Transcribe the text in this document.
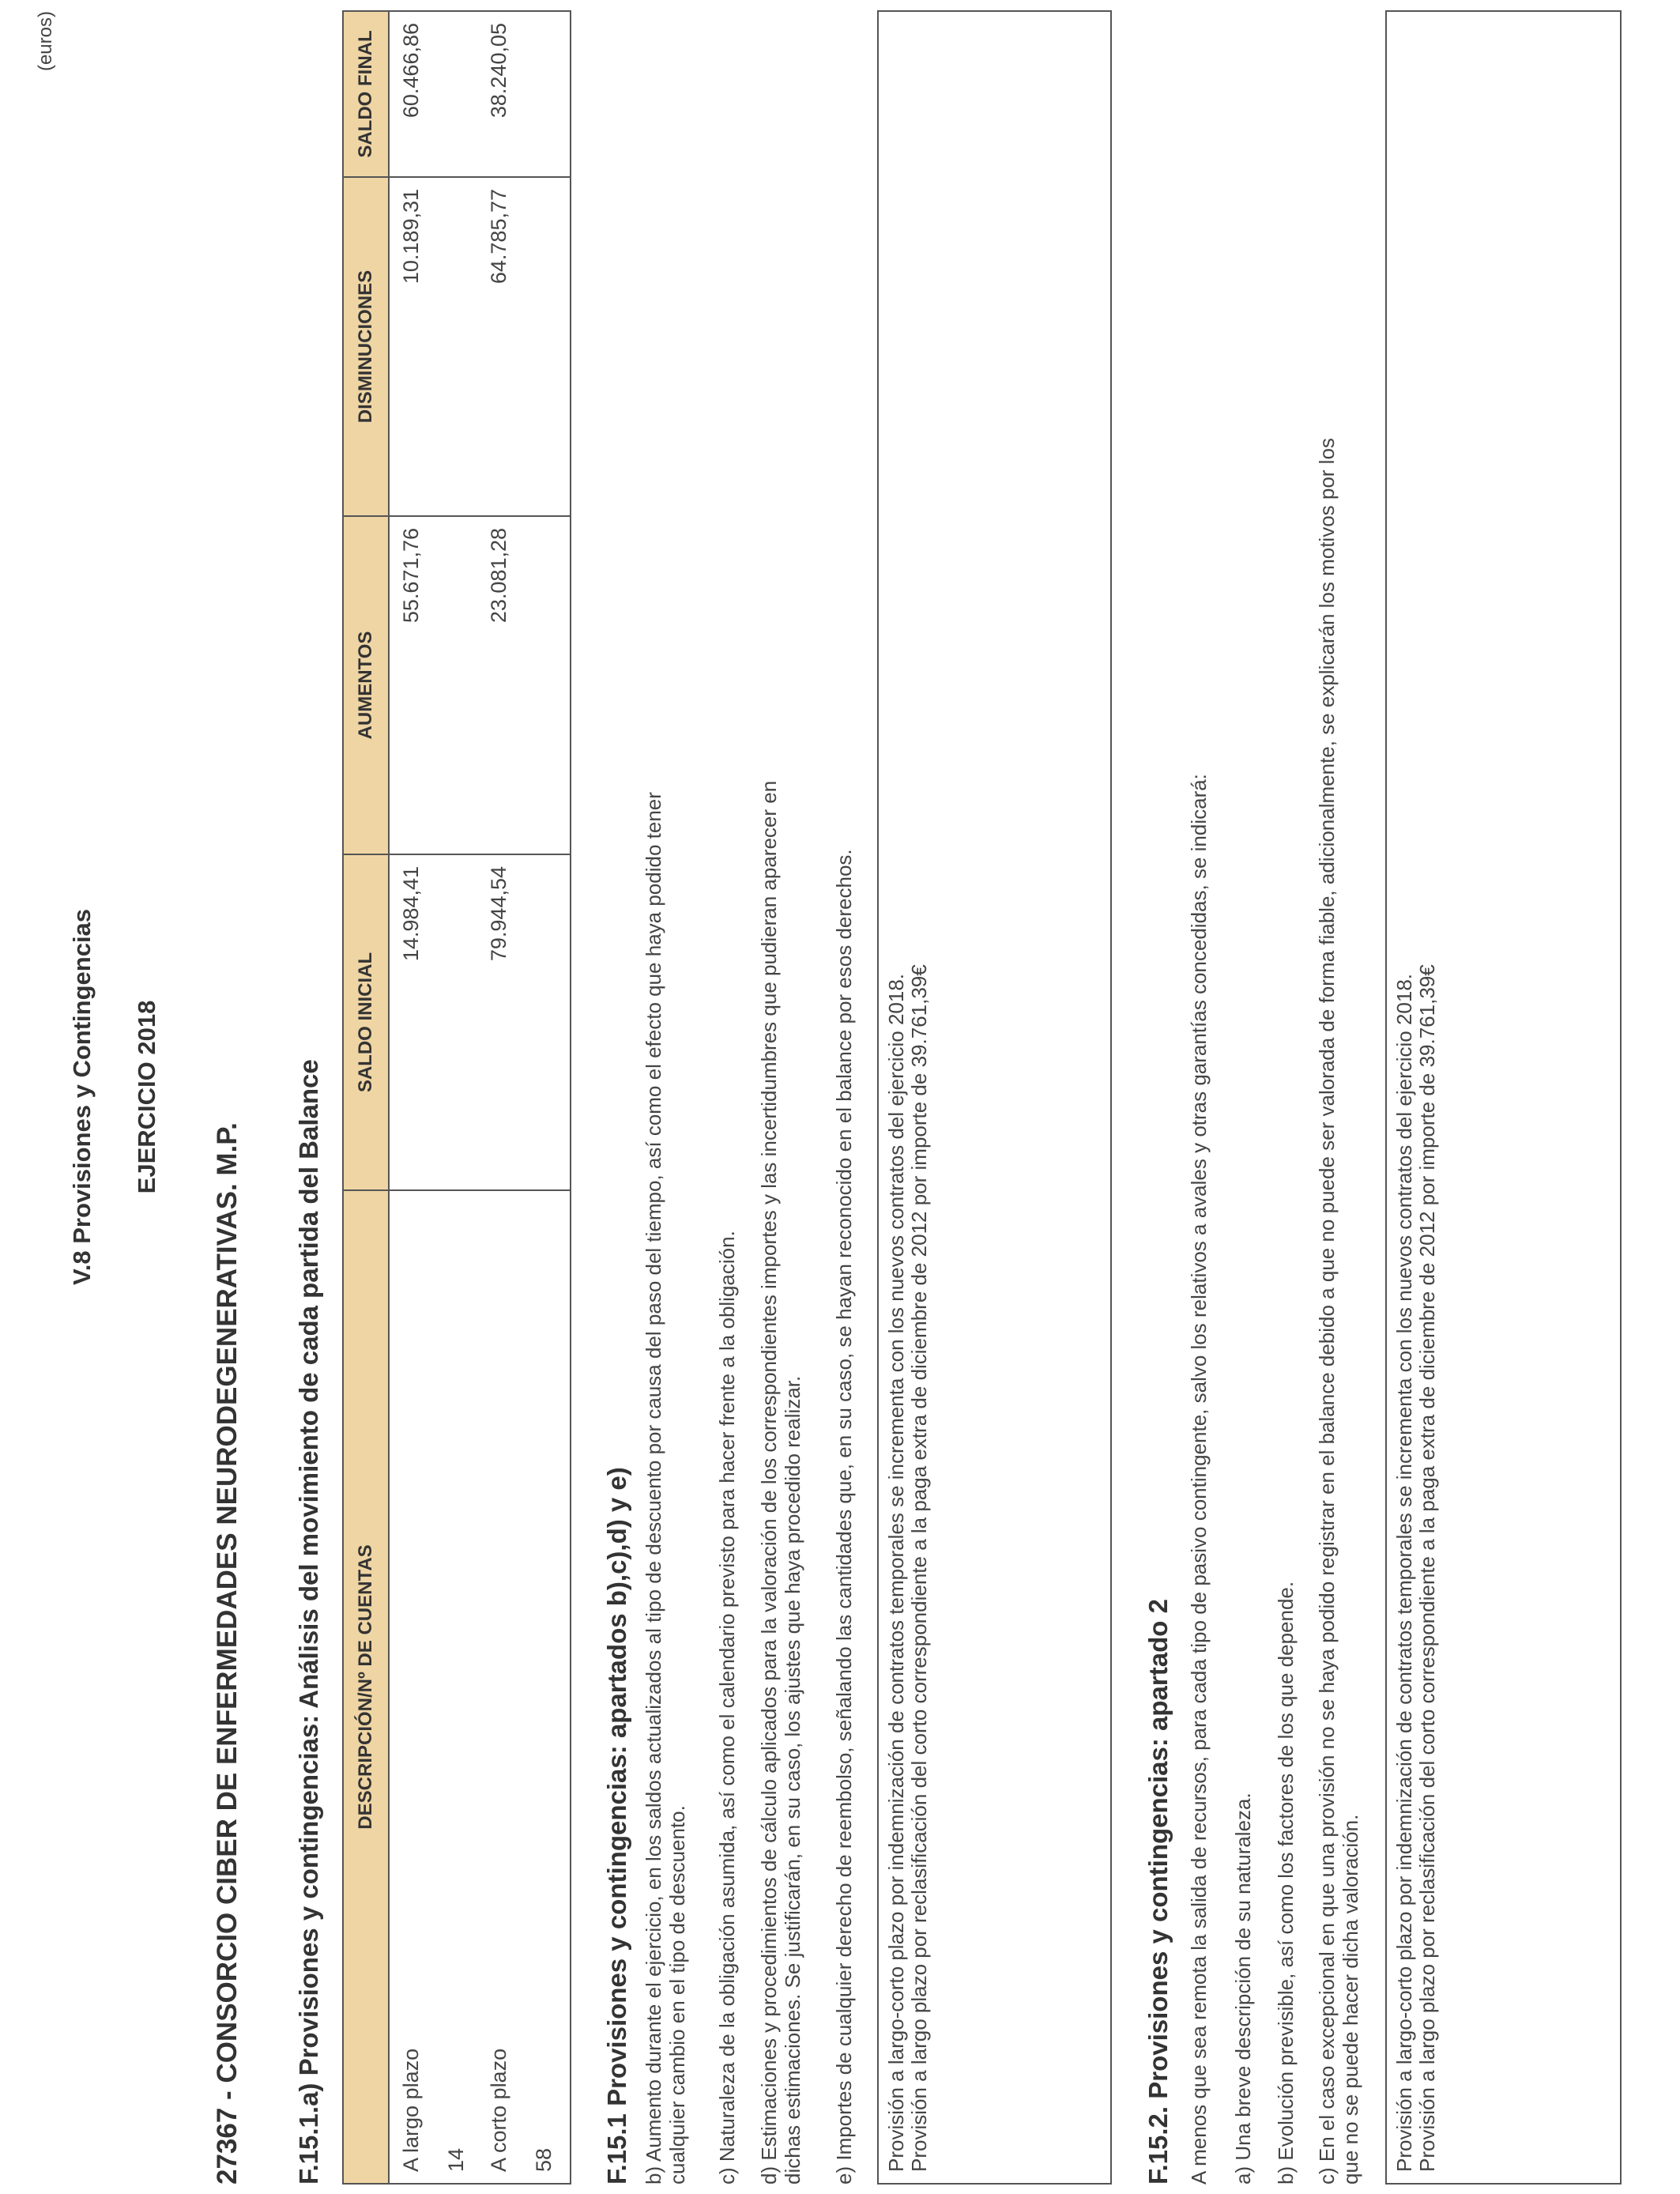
V.8 Provisiones y Contingencias EJERCICIO 2018
(euros)
27367 - CONSORCIO CIBER DE ENFERMEDADES NEURODEGENERATIVAS. M.P. F.15.1.a) Provisiones y contingencias: Análisis del movimiento de cada partida del Balance DESCRIPCIÓN/Nº DE CUENTAS	SALDO INICIAL	AUMENTOS	DISMINUCIONES	SALDO FINAL
A largo plazo 14	14.984,41	55.671,76	10.189,31	60.466,86
A corto plazo 58	79.944,54	23.081,28	64.785,77	38.240,05
F.15.1 Provisiones y contingencias: apartados b),c),d) y e) b) Aumento durante el ejercicio, en los saldos actualizados al tipo de descuento por causa del paso del tiempo, así como el efecto que haya podido tener cualquier cambio en el tipo de descuento. c) Naturaleza de la obligación asumida, así como el calendario previsto para hacer frente a la obligación. d) Estimaciones y procedimientos de cálculo aplicados para la valoración de los correspondientes importes y las incertidumbres que pudieran aparecer en dichas estimaciones. Se justificarán, en su caso, los ajustes que haya procedido realizar. e) Importes de cualquier derecho de reembolso, señalando las cantidades que, en su caso, se hayan reconocido en el balance por esos derechos. Provisión a largo-corto plazo por indemnización de contratos temporales se incrementa con los nuevos contratos del ejercicio 2018. Provisión a largo plazo por reclasificación del corto correspondiente a la paga extra de diciembre de 2012 por importe de 39.761,39€	F.15.2. Provisiones y contingencias: apartado 2 A menos que sea remota la salida de recursos, para cada tipo de pasivo contingente, salvo los relativos a avales y otras garantías concedidas, se indicará: a) Una breve descripción de su naturaleza. b) Evolución previsible, así como los factores de los que depende. c) En el caso excepcional en que una provisión no se haya podido registrar en el balance debido a que no puede ser valorada de forma fiable, adicionalmente, se explicarán los motivos por los que no se puede hacer dicha valoración. Provisión a largo-corto plazo por indemnización de contratos temporales se incrementa con los nuevos contratos del ejercicio 2018. Provisión a largo plazo por reclasificación del corto correspondiente a la paga extra de diciembre de 2012 por importe de 39.761,39€
